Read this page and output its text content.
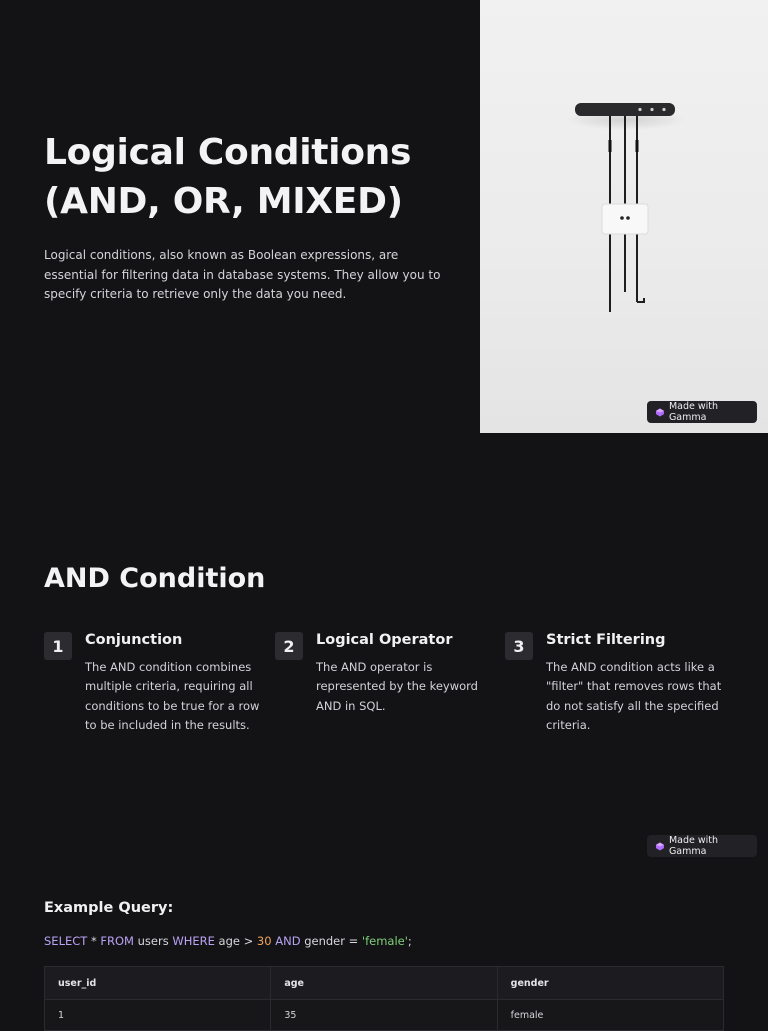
Logical Conditions (AND, OR, MIXED)

Logical conditions, also known as Boolean expressions, are essential for filtering data in database systems. They allow you to specify criteria to retrieve only the data you need.

Made with Gamma
AND Condition
1	Conjunction

The AND condition combines multiple criteria, requiring all conditions to be true for a row to be included in the results.

2	Logical Operator

The AND operator is represented by the keyword AND in SQL.

3	Strict Filtering

The AND condition acts like a "filter" that removes rows that do not satisfy all the specified criteria.

Made with Gamma

Example Query:

SELECT * FROM users WHERE age > 30 AND gender = 'female';

user_id	age	gender
1	35	female
